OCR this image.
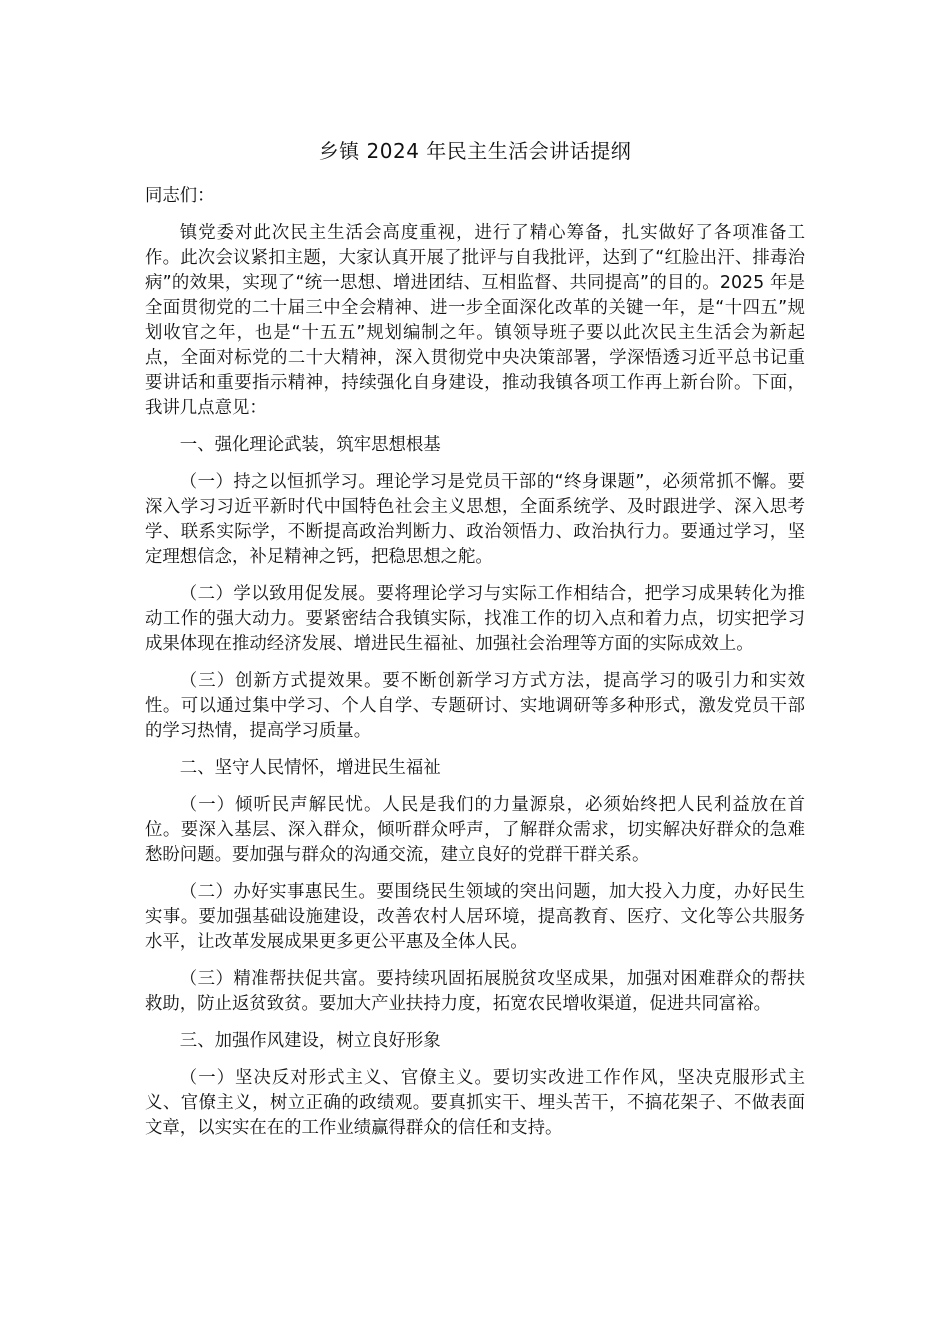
乡镇 2024 年民主生活会讲话提纲

同志们：

镇党委对此次民主生活会高度重视，进行了精心筹备，扎实做好了各项准备工作。此次会议紧扣主题，大家认真开展了批评与自我批评，达到了“红脸出汗、排毒治病”的效果，实现了“统一思想、增进团结、互相监督、共同提高”的目的。2025 年是全面贯彻党的二十届三中全会精神、进一步全面深化改革的关键一年，是“十四五”规划收官之年，也是“十五五”规划编制之年。镇领导班子要以此次民主生活会为新起点，全面对标党的二十大精神，深入贯彻党中央决策部署，学深悟透习近平总书记重要讲话和重要指示精神，持续强化自身建设，推动我镇各项工作再上新台阶。下面，我讲几点意见：

一、强化理论武装，筑牢思想根基

（一）持之以恒抓学习。理论学习是党员干部的“终身课题”，必须常抓不懈。要深入学习习近平新时代中国特色社会主义思想，全面系统学、及时跟进学、深入思考学、联系实际学，不断提高政治判断力、政治领悟力、政治执行力。要通过学习，坚定理想信念，补足精神之钙，把稳思想之舵。

（二）学以致用促发展。要将理论学习与实际工作相结合，把学习成果转化为推动工作的强大动力。要紧密结合我镇实际，找准工作的切入点和着力点，切实把学习成果体现在推动经济发展、增进民生福祉、加强社会治理等方面的实际成效上。

（三）创新方式提效果。要不断创新学习方式方法，提高学习的吸引力和实效性。可以通过集中学习、个人自学、专题研讨、实地调研等多种形式，激发党员干部的学习热情，提高学习质量。

二、坚守人民情怀，增进民生福祉

（一）倾听民声解民忧。人民是我们的力量源泉，必须始终把人民利益放在首位。要深入基层、深入群众，倾听群众呼声，了解群众需求，切实解决好群众的急难愁盼问题。要加强与群众的沟通交流，建立良好的党群干群关系。

（二）办好实事惠民生。要围绕民生领域的突出问题，加大投入力度，办好民生实事。要加强基础设施建设，改善农村人居环境，提高教育、医疗、文化等公共服务水平，让改革发展成果更多更公平惠及全体人民。

（三）精准帮扶促共富。要持续巩固拓展脱贫攻坚成果，加强对困难群众的帮扶救助，防止返贫致贫。要加大产业扶持力度，拓宽农民增收渠道，促进共同富裕。

三、加强作风建设，树立良好形象

（一）坚决反对形式主义、官僚主义。要切实改进工作作风，坚决克服形式主义、官僚主义，树立正确的政绩观。要真抓实干、埋头苦干，不搞花架子、不做表面文章，以实实在在的工作业绩赢得群众的信任和支持。
